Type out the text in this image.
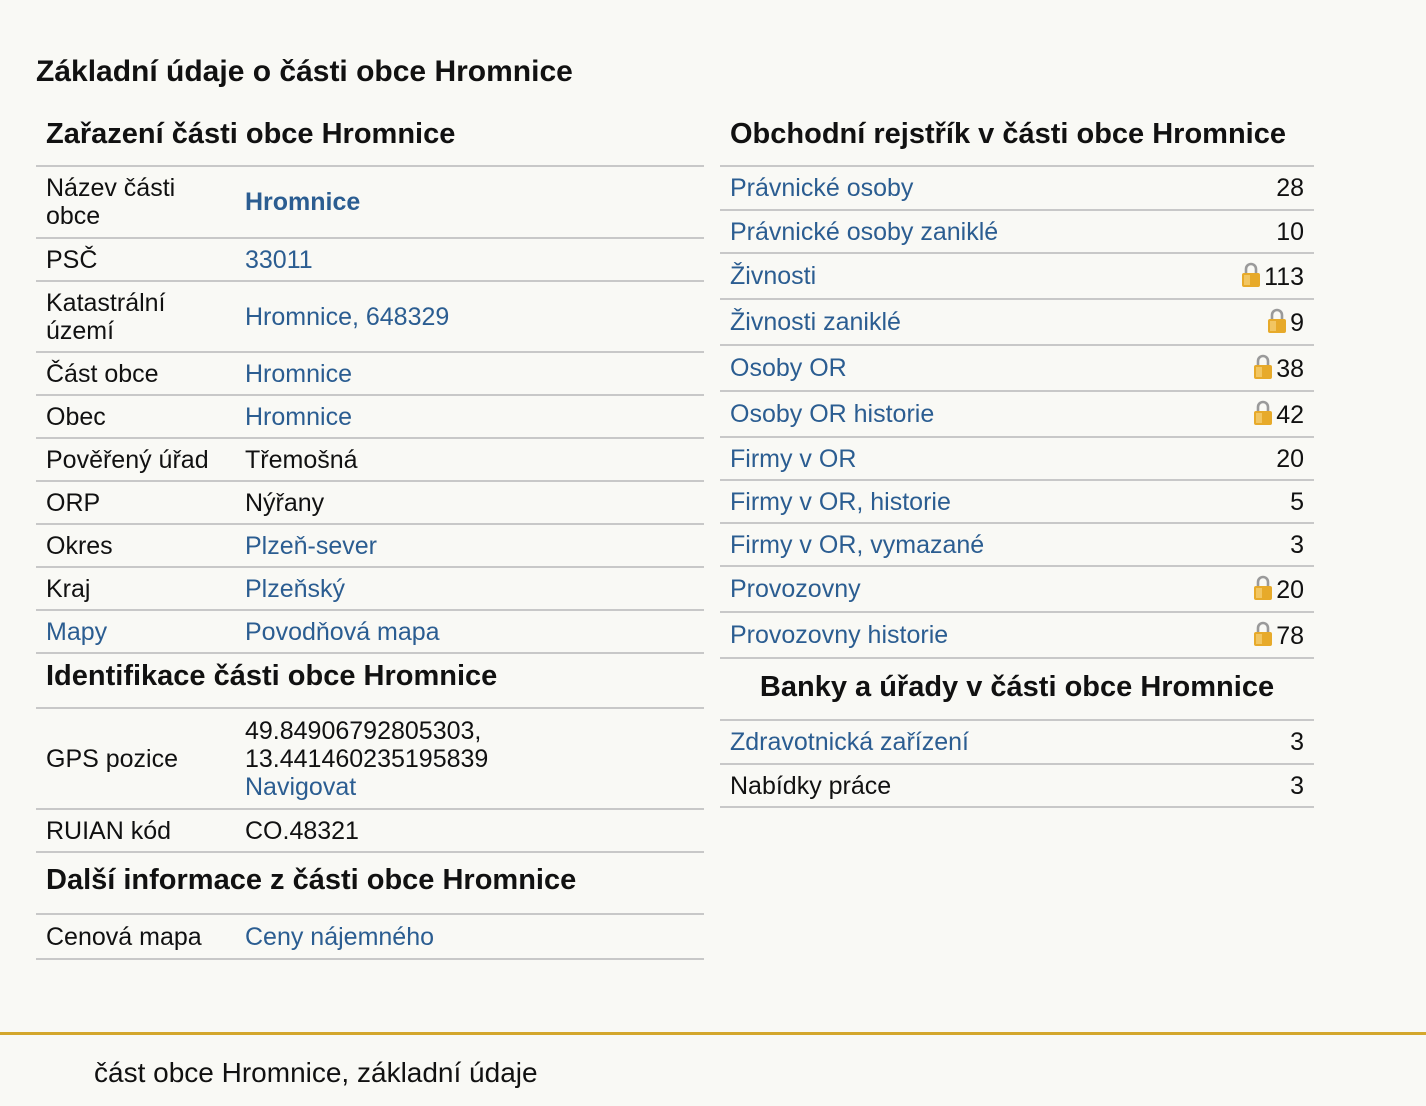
Základní údaje o části obce Hromnice
Zařazení části obce Hromnice
Název části obce	Hromnice
PSČ	33011
Katastrální území	Hromnice, 648329
Část obce	Hromnice
Obec	Hromnice
Pověřený úřad	Třemošná
ORP	Nýřany
Okres	Plzeň-sever
Kraj	Plzeňský
Mapy	Povodňová mapa
Identifikace části obce Hromnice
GPS pozice	49.84906792805303,
13.441460235195839
Navigovat
RUIAN kód	CO.48321
Další informace z části obce Hromnice
Cenová mapa	Ceny nájemného
Obchodní rejstřík v části obce Hromnice
Právnické osoby	28
Právnické osoby zaniklé	10
Živnosti	113
Živnosti zaniklé	9
Osoby OR	38
Osoby OR historie	42
Firmy v OR	20
Firmy v OR, historie	5
Firmy v OR, vymazané	3
Provozovny	20
Provozovny historie	78
Banky a úřady v části obce Hromnice
Zdravotnická zařízení	3
Nabídky práce	3
část obce Hromnice, základní údaje
